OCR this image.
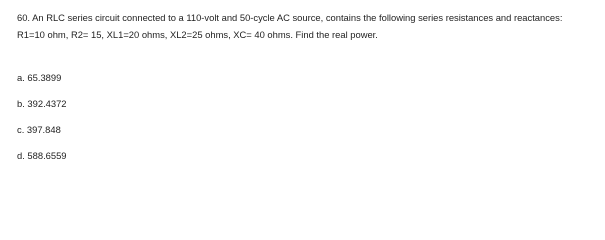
60. An RLC series circuit connected to a 110-volt and 50-cycle AC source, contains the following series resistances and reactances: R1=10 ohm, R2= 15, XL1=20 ohms, XL2=25 ohms, XC= 40 ohms. Find the real power.

a. 65.3899
b. 392.4372
c. 397.848
d. 588.6559
